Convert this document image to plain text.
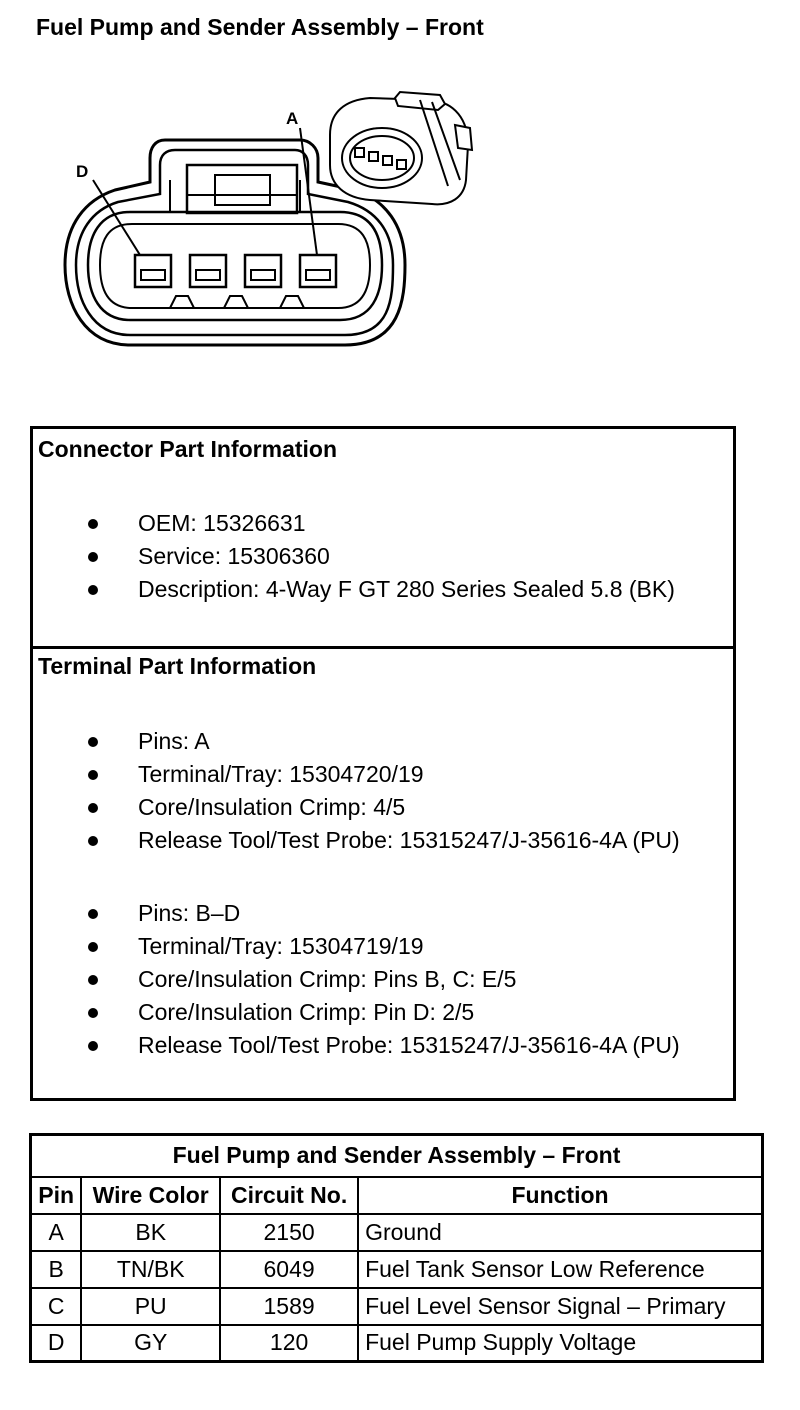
Fuel Pump and Sender Assembly – Front
A
D
Connector Part Information
OEM: 15326631
Service: 15306360
Description: 4-Way F GT 280 Series Sealed 5.8 (BK)
Terminal Part Information
Pins: A
Terminal/Tray: 15304720/19
Core/Insulation Crimp: 4/5
Release Tool/Test Probe: 15315247/J-35616-4A (PU)
Pins: B–D
Terminal/Tray: 15304719/19
Core/Insulation Crimp: Pins B, C: E/5
Core/Insulation Crimp: Pin D: 2/5
Release Tool/Test Probe: 15315247/J-35616-4A (PU)
Fuel Pump and Sender Assembly – Front			
Pin	Wire Color	Circuit No.	Function
A	BK	2150	Ground
B	TN/BK	6049	Fuel Tank Sensor Low Reference
C	PU	1589	Fuel Level Sensor Signal – Primary
D	GY	120	Fuel Pump Supply Voltage
